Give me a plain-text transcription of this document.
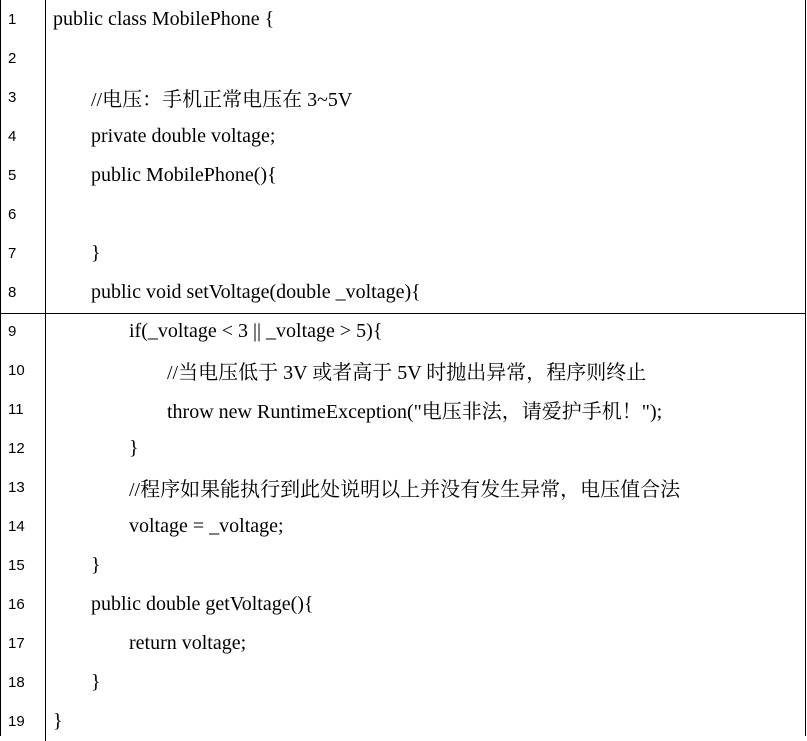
1	public class MobilePhone {
2
3	//电压：手机正常电压在 3~5V
4	private double voltage;
5	public MobilePhone(){
6
7	}
8	public void setVoltage(double _voltage){
9	if(_voltage < 3 || _voltage > 5){
10	//当电压低于 3V 或者高于 5V 时抛出异常，程序则终止
11	throw new RuntimeException("电压非法，请爱护手机！");
12	}
13	//程序如果能执行到此处说明以上并没有发生异常，电压值合法
14	voltage = _voltage;
15	}
16	public double getVoltage(){
17	return voltage;
18	}
19	}
